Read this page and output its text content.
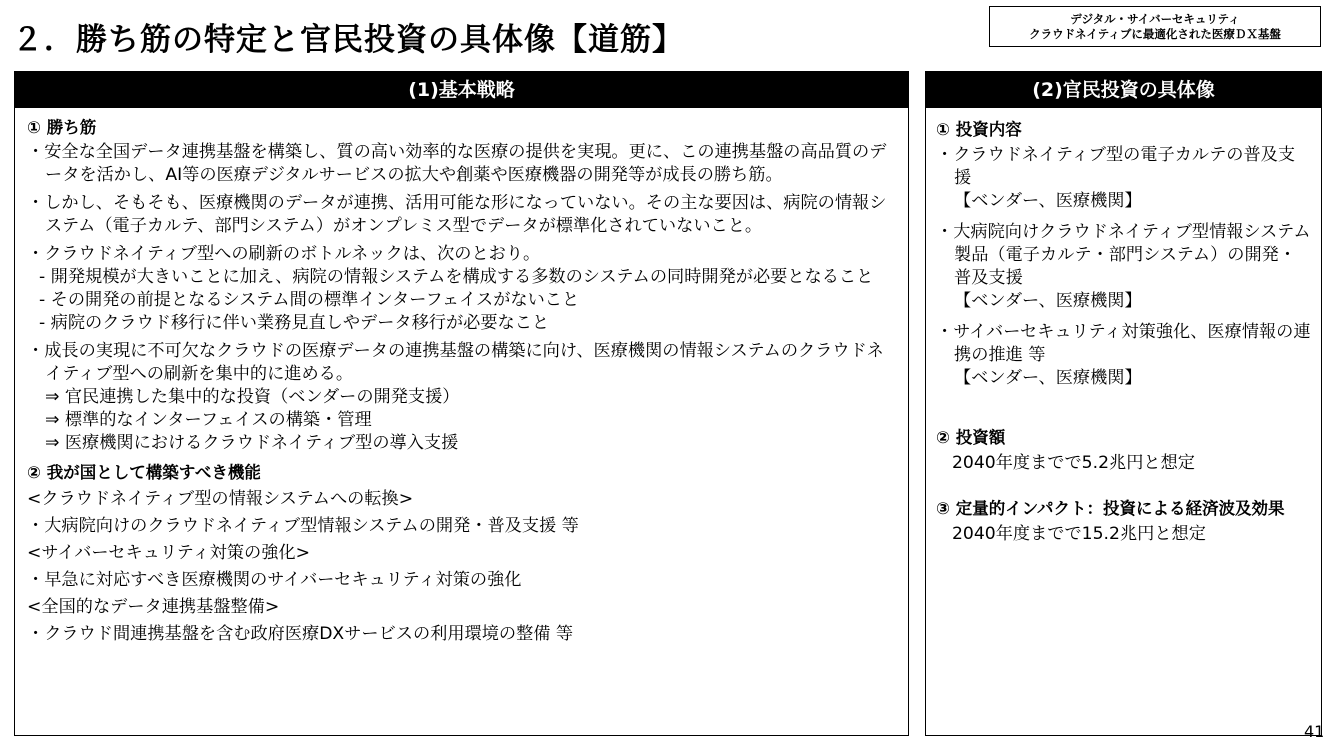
２．勝ち筋の特定と官民投資の具体像【道筋】
デジタル・サイバーセキュリティ
クラウドネイティブに最適化された医療ＤＸ基盤
(1)基本戦略
① 勝ち筋
・安全な全国データ連携基盤を構築し、質の高い効率的な医療の提供を実現。更に、この連携基盤の高品質のデータを活かし、AI等の医療デジタルサービスの拡大や創薬や医療機器の開発等が成長の勝ち筋。
・しかし、そもそも、医療機関のデータが連携、活用可能な形になっていない。その主な要因は、病院の情報システム（電子カルテ、部門システム）がオンプレミス型でデータが標準化されていないこと。
・クラウドネイティブ型への刷新のボトルネックは、次のとおり。
- 開発規模が大きいことに加え、病院の情報システムを構成する多数のシステムの同時開発が必要となること
- その開発の前提となるシステム間の標準インターフェイスがないこと
- 病院のクラウド移行に伴い業務見直しやデータ移行が必要なこと
・成長の実現に不可欠なクラウドの医療データの連携基盤の構築に向け、医療機関の情報システムのクラウドネイティブ型への刷新を集中的に進める。
⇒ 官民連携した集中的な投資（ベンダーの開発支援）
⇒ 標準的なインターフェイスの構築・管理
⇒ 医療機関におけるクラウドネイティブ型の導入支援
② 我が国として構築すべき機能
<クラウドネイティブ型の情報システムへの転換>
・大病院向けのクラウドネイティブ型情報システムの開発・普及支援 等
<サイバーセキュリティ対策の強化>
・早急に対応すべき医療機関のサイバーセキュリティ対策の強化
<全国的なデータ連携基盤整備>
・クラウド間連携基盤を含む政府医療DXサービスの利用環境の整備 等
(2)官民投資の具体像
① 投資内容
・クラウドネイティブ型の電子カルテの普及支援
【ベンダー、医療機関】
・大病院向けクラウドネイティブ型情報システム製品（電子カルテ・部門システム）の開発・普及支援
【ベンダー、医療機関】
・サイバーセキュリティ対策強化、医療情報の連携の推進 等
【ベンダー、医療機関】
② 投資額
2040年度までで5.2兆円と想定
③ 定量的インパクト：投資による経済波及効果
2040年度までで15.2兆円と想定
41
